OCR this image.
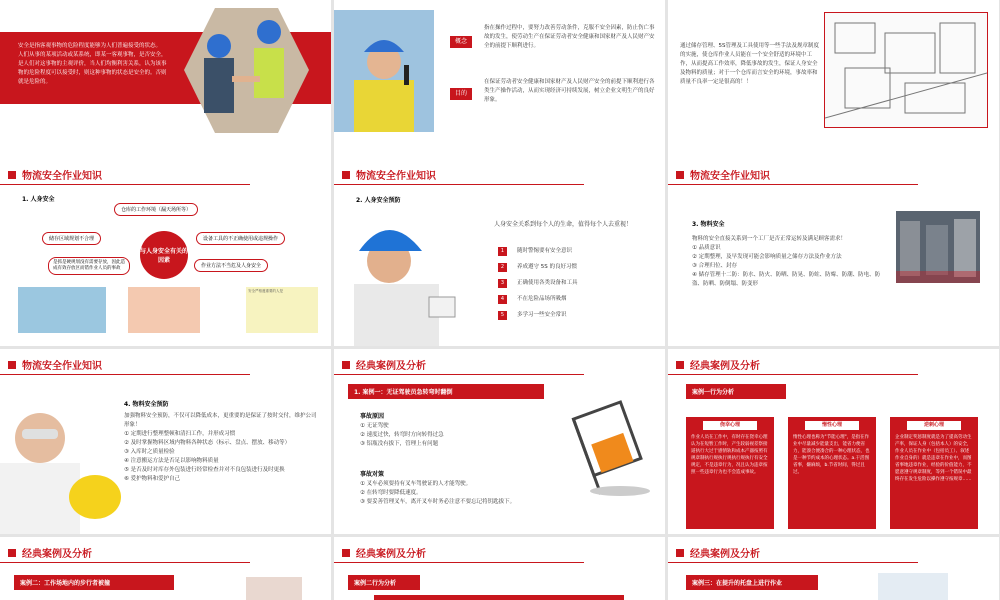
安全是指客观事物的危险程度能够为人们普遍接受的状态。
人们从事的某项活动或某系统，即某一客观事物，是否安全，是人们对这事物的主观评价，当人们均衡利害关系，认为该事物的危险程度可以接受时，则这种事物的状态是安全的。否则就是危险的。
概念
指在操作过程中，要努力改善劳动条件，克服不安全因素，防止伤亡事故的发生，使劳动生产在保证劳动者安全健康和国家财产及人民财产安全的前提下顺利进行。
目的
在保证劳动者安全健康和国家财产及人民财产安全的前提下顺利进行各类生产操作活动，从而实现经济可持续发展，树立企业文明生产的良好形象。
通过储存管理、5S管理及工具使用等一些手法及规章制度的实施，使仓库作业人员能在一个安全舒适的环境中工作，从而提高工作效率，降低事故的发生，保证人身安全及物料的质量；对于一个仓库而言安全的环境，事故率和质量不良率一定是很高的！！
物流安全作业知识
1. 人身安全
与人身安全有关的因素
仓库的工作环境（漏天场所等）
储存区域规划不合理	设备工具的不正确使用或违规操作
是抓是硬规划没有需要存放，因此造成有效存放区而错作业人员的事故	作业方法不当危及人身安全
安全严格遵重要的人是
物流安全作业知识
2. 人身安全预防
人身安全关系到每个人的生命，值得每个人去重视！
1 随时警惕要有安全意识
2 养成遵守 5S 的良好习惯
3 正确使用各类设备和工具
4 不在危险品场所吸烟
5 多学习一些安全常识
物流安全作业知识
3. 物料安全
物料的安全直接关系到一个工厂是否正常运转及满足顾客需求！
① 品质意识
② 定期整理，及早发现可能会影响质量之储存方法及作业方法
③ 合理归位、封存
④ 储存管理十二防：防水、防火、防晒、防晃、防蛀、防霉、防潮、防电、防盗、防晒、防倒塌、防变形
物流安全作业知识
4. 物料安全预防
加强物料安全预防，不仅可以降低成本，更重要的是保证了按时交付，维护公司形象！
① 定期进行整理整顿和清扫工作，并形成习惯
② 及时掌握物料区域内物料各种状态（标示、盘点、摆放、移动等）
③ 入库时之质量检验
④ 注意搬运方法是否足以影响物料质量
⑤ 是否及时对库存外包装进行经常检查并对不良包装进行及时更换
⑥ 爱护物料和爱护自己
经典案例及分析
1. 案例一：无证驾驶员急转弯时翻倒
事故原因
① 无证驾驶
② 速度过快，转弯时方向转得过急
③ 铝瓶没有拔下，管理上有问题
事故对策
① 叉车必须要持有叉车驾驶证的人才能驾驶。
② 在转弯时要降低速度。
③ 要妥善管理叉车，离开叉车时务必注意不要忘记将钥匙拔下。
经典案例及分析
案例一行为分析
侥幸心理
作业人员在工作中，有时存在侥幸心理认为在短暂工作时，产生较弱视差察接道执行大过于感情轨和成本产器按照有规章制执行规执行规执行规执行有安全规定，不是违章行为，况且认为违章按照一些违章行为也不会造成事故。
惰性心理
惰性心理也称为"节能心理"，是指在作业中尽量减少能量支出，能省力便省力，能凑合便凑合的一种心理状态，也是一种节约成本的心理状态。a.干活图省事，嫌麻烦，b.节省时间，得过且过。
逆刺心理
企业制定奖惩制度就是为了提高劳动生产率，保证人身（包括本人）的安全，作业人员在作业中（包括员工）、叙述作业自身的）就是违章在作业中，而图省事地违章作业，经验的价值能力，不愿意遵守规章制度，等到一个错误中最终存在发生危险以操作遵守按规章……
经典案例及分析
案例二：工作场地内的步行者被撞
经典案例及分析
案例二行为分析
经典案例及分析
案例三：在提升的托盘上进行作业
